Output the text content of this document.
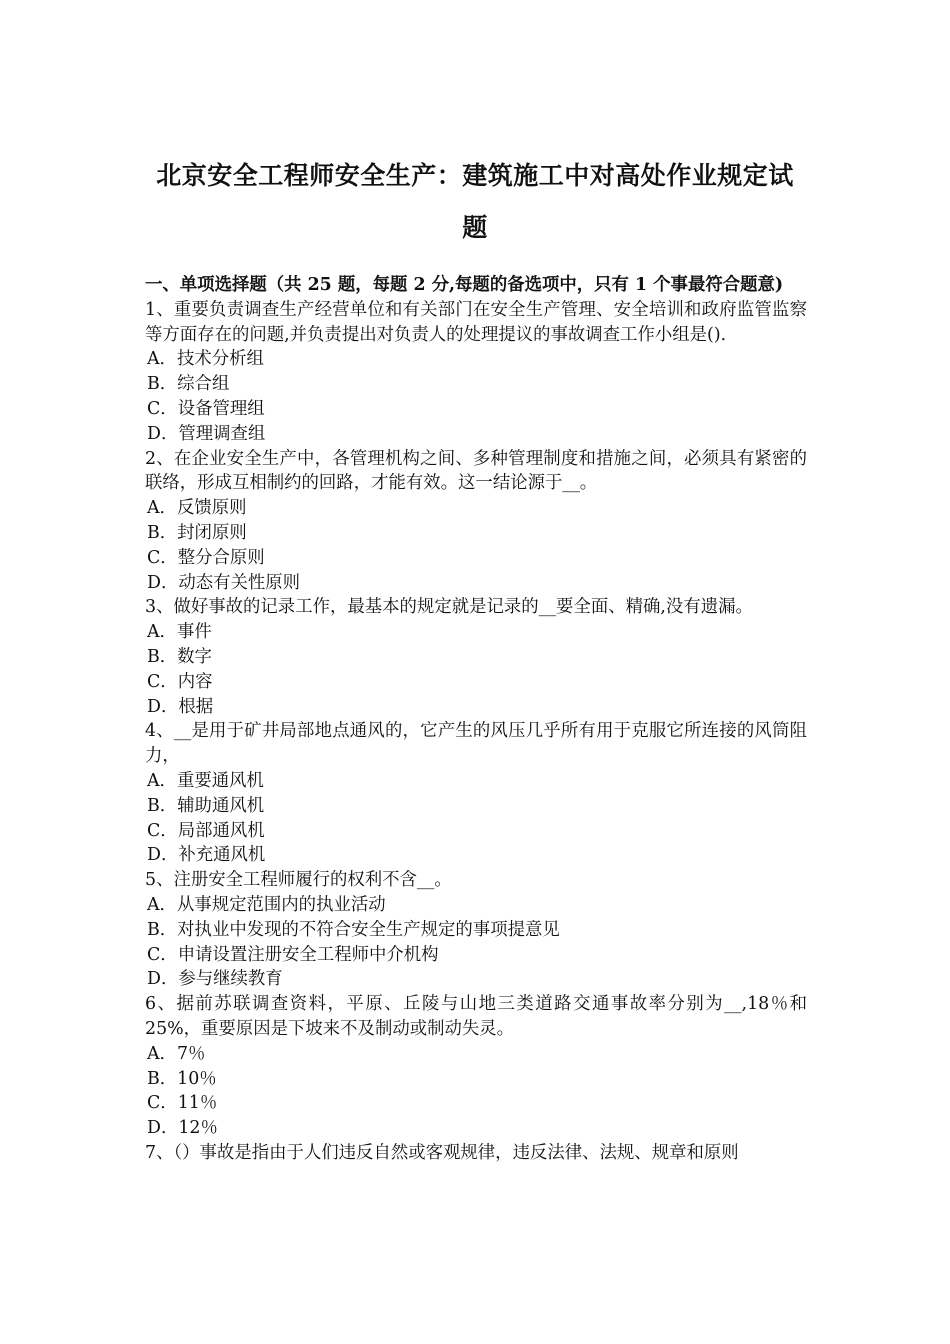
北京安全工程师安全生产：建筑施工中对高处作业规定试题

一、单项选择题（共 25 题，每题 2 分,每题的备选项中，只有 1 个事最符合题意)

1、重要负责调查生产经营单位和有关部门在安全生产管理、安全培训和政府监管监察等方面存在的问题,并负责提出对负责人的处理提议的事故调查工作小组是()．

A．技术分析组

B．综合组

C．设备管理组

D．管理调查组

2、在企业安全生产中，各管理机构之间、多种管理制度和措施之间，必须具有紧密的联络，形成互相制约的回路，才能有效。这一结论源于__。

A．反馈原则

B．封闭原则

C．整分合原则

D．动态有关性原则

3、做好事故的记录工作，最基本的规定就是记录的__要全面、精确,没有遗漏。

A．事件

B．数字

C．内容

D．根据

4、__是用于矿井局部地点通风的，它产生的风压几乎所有用于克服它所连接的风筒阻力，

A．重要通风机

B．辅助通风机

C．局部通风机

D．补充通风机

5、注册安全工程师履行的权利不含__。

A．从事规定范围内的执业活动

B．对执业中发现的不符合安全生产规定的事项提意见

C．申请设置注册安全工程师中介机构

D．参与继续教育

6、据前苏联调查资料，平原、丘陵与山地三类道路交通事故率分别为__,18％和 25%，重要原因是下坡来不及制动或制动失灵。

A．7％

B．10％

C．11％

D．12％

7、（）事故是指由于人们违反自然或客观规律，违反法律、法规、规章和原则
